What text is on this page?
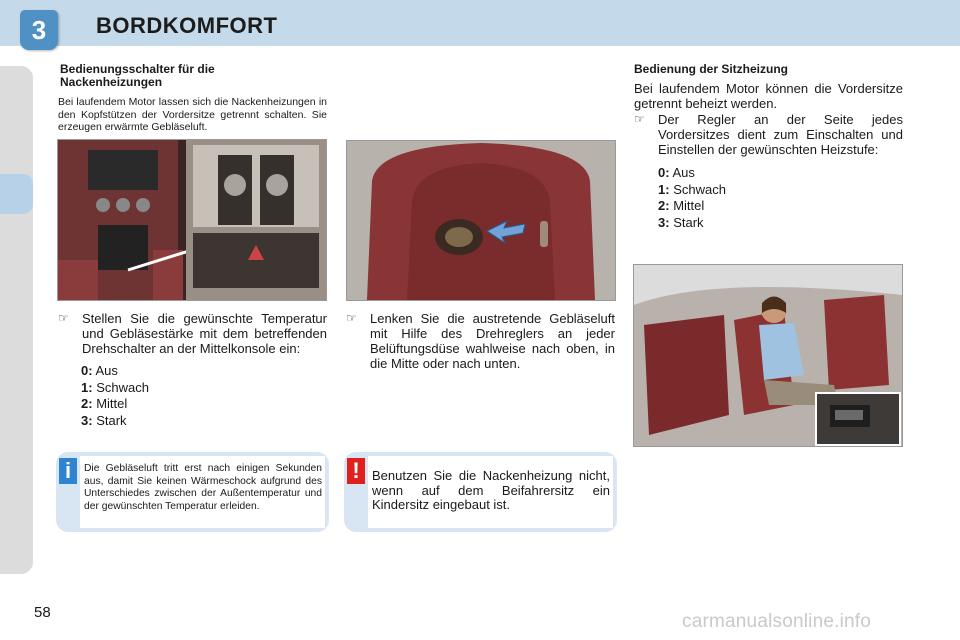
3	BORDKOMFORT
Bedienungsschalter für die
Nackenheizungen
Bei laufendem Motor lassen sich die Nackenheizungen in den Kopfstützen der Vordersitze getrennt schalten. Sie erzeugen erwärmte Gebläseluft.
☞ Stellen Sie die gewünschte Temperatur und Gebläsestärke mit dem betreffenden Drehschalter an der Mittelkonsole ein:
0: Aus
1: Schwach
2: Mittel
3: Stark
i	Die Gebläseluft tritt erst nach einigen Sekunden aus, damit Sie keinen Wärmeschock aufgrund des Unterschiedes zwischen der Außentemperatur und der gewünschten Temperatur erleiden.
☞ Lenken Sie die austretende Gebläseluft mit Hilfe des Drehreglers an jeder Belüftungsdüse wahlweise nach oben, in die Mitte oder nach unten.
! Benutzen Sie die Nackenheizung nicht, wenn auf dem Beifahrersitz ein Kindersitz eingebaut ist.
Bedienung der Sitzheizung
Bei laufendem Motor können die Vordersitze getrennt beheizt werden.
☞ Der Regler an der Seite jedes Vordersitzes dient zum Einschalten und Einstellen der gewünschten Heizstufe:
0: Aus
1: Schwach
2: Mittel
3: Stark
58	carmanualsonline.info
